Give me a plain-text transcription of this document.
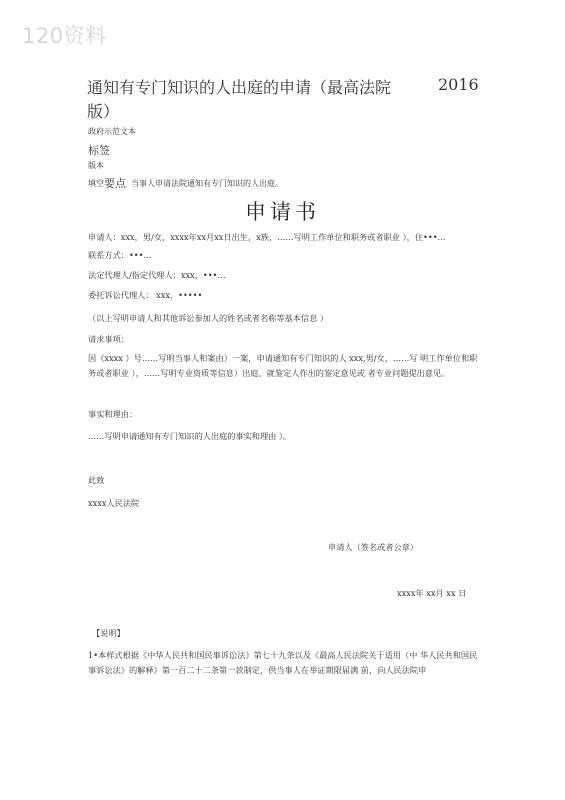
120资料
通知有专门知识的人出庭的申请（最高法院	2016
版）
政府示范文本
标签
版本
填空 要点 当事人申请法院通知有专门知识的人出庭。
申请书
申请人：xxx，男/女，xxxx年xx月xx日出生，x族，……写明工作单位和职务或者职业 ），住•••…
联系方式：•••…
法定代理人/指定代理人：xxx，•••…
委托诉讼代理人： xxx，•••••
（以上写明申请人和其他诉讼参加人的姓名或者名称等基本信息 ）
请求事项：
因《xxxx ）号……写明当事人和案由）一案，申请通知有专门知识的人 xxx,男/女，……写 明工作单位和职务或者职业 ），……写明专业资质等信息）出庭，就鉴定人作出的鉴定意见或 者专业问题提出意见。
事实和理由：
……写明申请通知有专门知识的人出庭的事实和理由 ）。
此致
xxxx人民法院
申请人（签名或者公章）
xxxx年 xx月 xx 日
【说明】
1•本样式根据《中华人民共和国民事诉讼法》第七十九条以及《最高人民法院关于适用（中 华人民共和国民事诉讼法》的解释》第一百二十二条第一款制定，供当事人在举证期限届满 前，向人民法院申
